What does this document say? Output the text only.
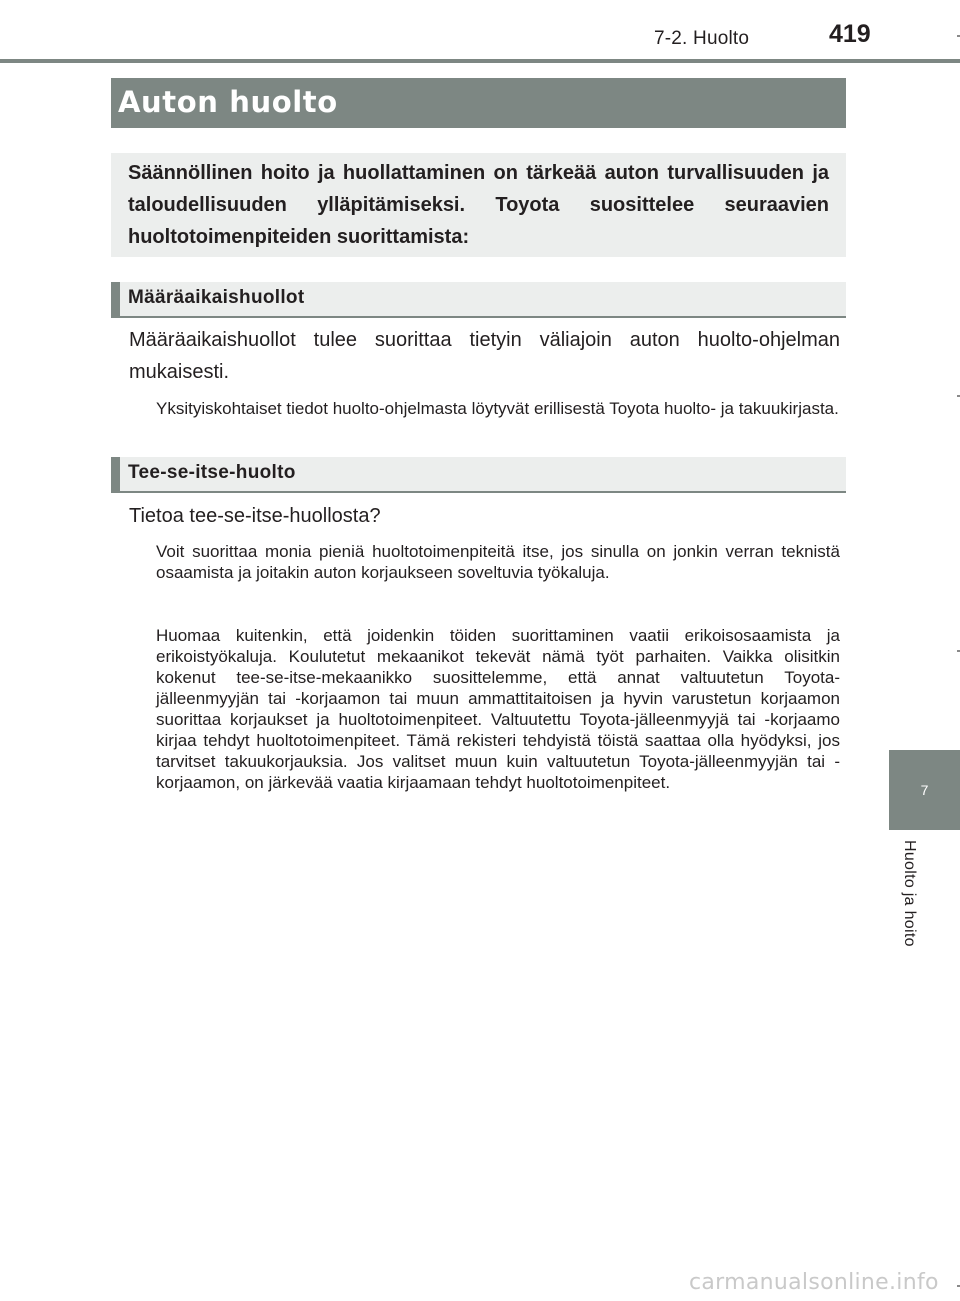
7-2. Huolto	419
Auton huolto
Säännöllinen hoito ja huollattaminen on tärkeää auton turvallisuuden ja taloudellisuuden ylläpitämiseksi. Toyota suosittelee seuraavien huoltotoimenpiteiden suorittamista:
Määräaikaishuollot
Määräaikaishuollot tulee suorittaa tietyin väliajoin auton huolto-ohjelman mukaisesti.
Yksityiskohtaiset tiedot huolto-ohjelmasta löytyvät erillisestä Toyota huolto- ja takuukirjasta.
Tee-se-itse-huolto
Tietoa tee-se-itse-huollosta?
Voit suorittaa monia pieniä huoltotoimenpiteitä itse, jos sinulla on jonkin verran teknistä osaamista ja joitakin auton korjaukseen soveltuvia työkaluja.
Huomaa kuitenkin, että joidenkin töiden suorittaminen vaatii erikoisosaamista ja erikoistyökaluja. Koulutetut mekaanikot tekevät nämä työt parhaiten. Vaikka olisitkin kokenut tee-se-itse-mekaanikko suosittelemme, että annat valtuutetun Toyota-jälleenmyyjän tai -korjaamon tai muun ammattitaitoisen ja hyvin varustetun korjaamon suorittaa korjaukset ja huoltotoimenpiteet. Valtuutettu Toyota-jälleenmyyjä tai -korjaamo kirjaa tehdyt huoltotoimenpiteet. Tämä rekisteri tehdyistä töistä saattaa olla hyödyksi, jos tarvitset takuukorjauksia. Jos valitset muun kuin valtuutetun Toyota-jälleenmyyjän tai -korjaamon, on järkevää vaatia kirjaamaan tehdyt huoltotoimenpiteet.	7
Huolto ja hoito
carmanualsonline.info
